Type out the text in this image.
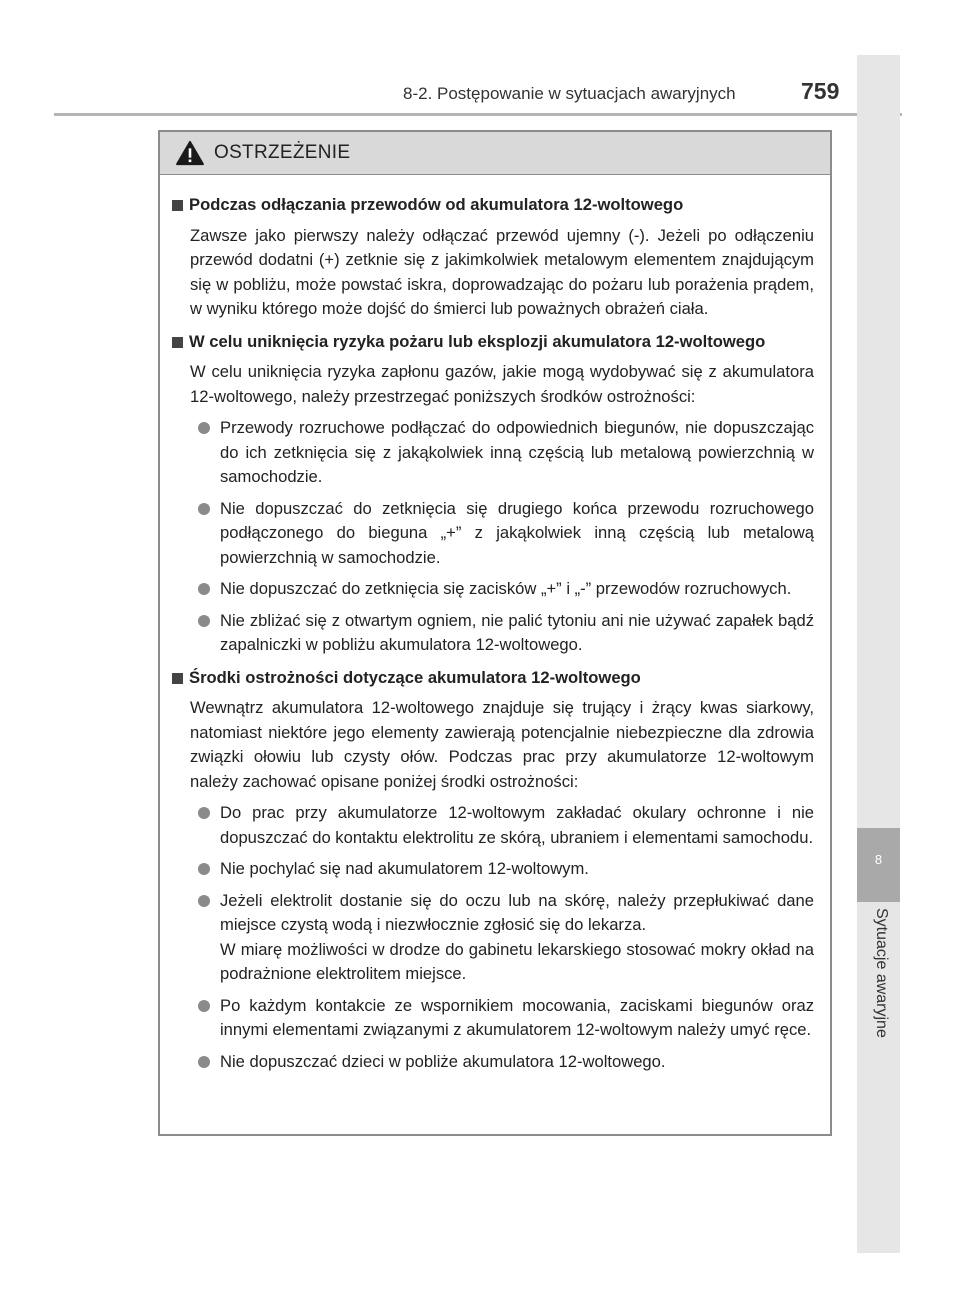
8-2. Postępowanie w sytuacjach awaryjnych	759
8
Sytuacje awaryjne
OSTRZEŻENIE
Podczas odłączania przewodów od akumulatora 12-woltowego
Zawsze jako pierwszy należy odłączać przewód ujemny (-). Jeżeli po odłączeniu przewód dodatni (+) zetknie się z jakimkolwiek metalowym elementem znajdującym się w pobliżu, może powstać iskra, doprowadzając do pożaru lub porażenia prądem, w wyniku którego może dojść do śmierci lub poważnych obrażeń ciała.
W celu uniknięcia ryzyka pożaru lub eksplozji akumulatora 12-woltowego
W celu uniknięcia ryzyka zapłonu gazów, jakie mogą wydobywać się z akumulatora 12-woltowego, należy przestrzegać poniższych środków ostrożności:
Przewody rozruchowe podłączać do odpowiednich biegunów, nie dopuszczając do ich zetknięcia się z jakąkolwiek inną częścią lub metalową powierzchnią w samochodzie.
Nie dopuszczać do zetknięcia się drugiego końca przewodu rozruchowego podłączonego do bieguna „+” z jakąkolwiek inną częścią lub metalową powierzchnią w samochodzie.
Nie dopuszczać do zetknięcia się zacisków „+” i „-” przewodów rozruchowych.
Nie zbliżać się z otwartym ogniem, nie palić tytoniu ani nie używać zapałek bądź zapalniczki w pobliżu akumulatora 12-woltowego.
Środki ostrożności dotyczące akumulatora 12-woltowego
Wewnątrz akumulatora 12-woltowego znajduje się trujący i żrący kwas siarkowy, natomiast niektóre jego elementy zawierają potencjalnie niebezpieczne dla zdrowia związki ołowiu lub czysty ołów. Podczas prac przy akumulatorze 12-woltowym należy zachować opisane poniżej środki ostrożności:
Do prac przy akumulatorze 12-woltowym zakładać okulary ochronne i nie dopuszczać do kontaktu elektrolitu ze skórą, ubraniem i elementami samochodu.
Nie pochylać się nad akumulatorem 12-woltowym.
Jeżeli elektrolit dostanie się do oczu lub na skórę, należy przepłukiwać dane miejsce czystą wodą i niezwłocznie zgłosić się do lekarza.
W miarę możliwości w drodze do gabinetu lekarskiego stosować mokry okład na podrażnione elektrolitem miejsce.
Po każdym kontakcie ze wspornikiem mocowania, zaciskami biegunów oraz innymi elementami związanymi z akumulatorem 12-woltowym należy umyć ręce.
Nie dopuszczać dzieci w pobliże akumulatora 12-woltowego.
